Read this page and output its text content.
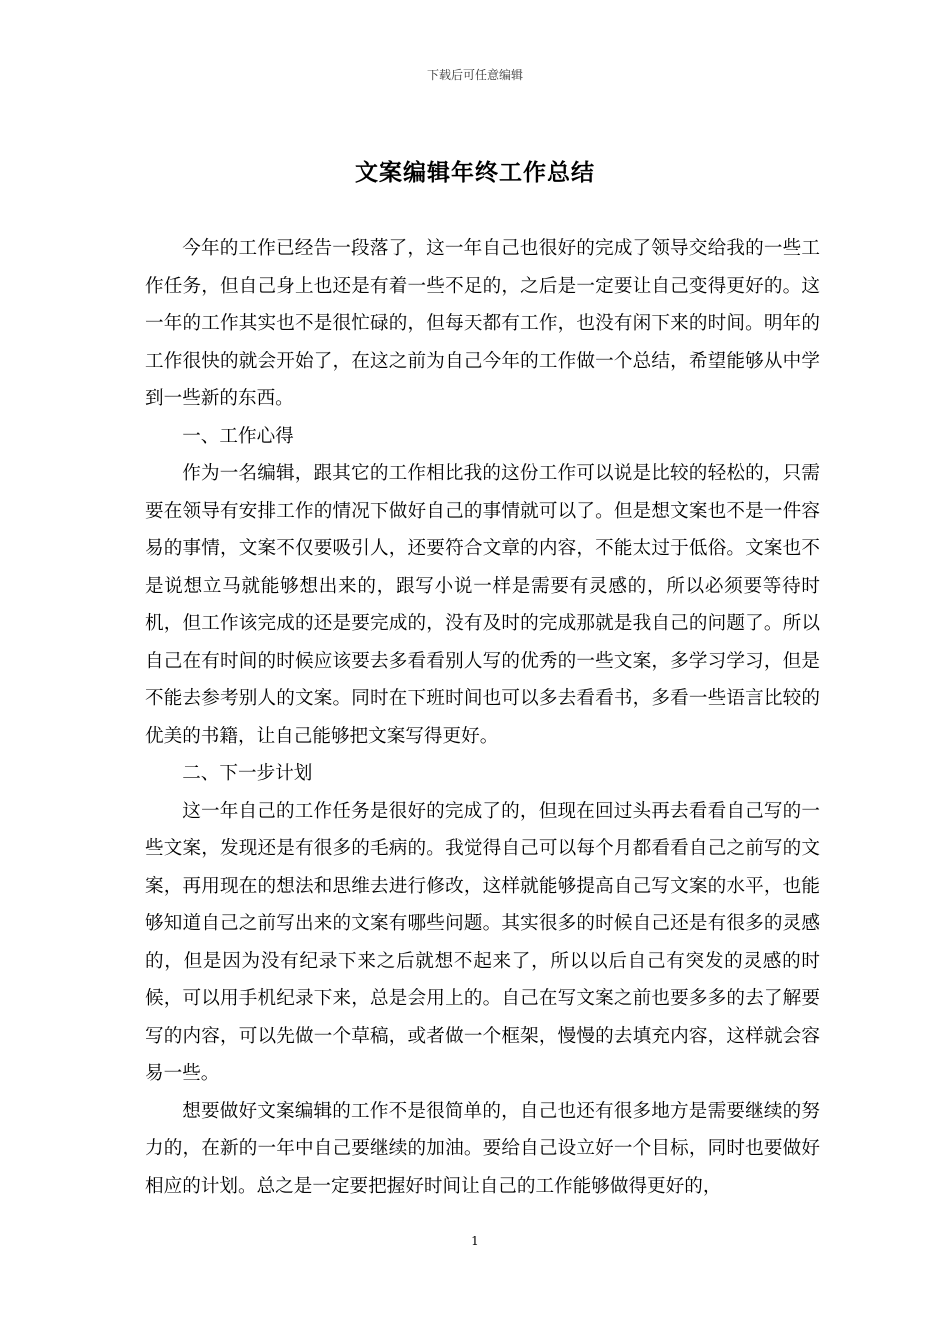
下载后可任意编辑
文案编辑年终工作总结

今年的工作已经告一段落了，这一年自己也很好的完成了领导交给我的一些工作任务，但自己身上也还是有着一些不足的，之后是一定要让自己变得更好的。这一年的工作其实也不是很忙碌的，但每天都有工作，也没有闲下来的时间。明年的工作很快的就会开始了，在这之前为自己今年的工作做一个总结，希望能够从中学到一些新的东西。

一、工作心得

作为一名编辑，跟其它的工作相比我的这份工作可以说是比较的轻松的，只需要在领导有安排工作的情况下做好自己的事情就可以了。但是想文案也不是一件容易的事情，文案不仅要吸引人，还要符合文章的内容，不能太过于低俗。文案也不是说想立马就能够想出来的，跟写小说一样是需要有灵感的，所以必须要等待时机，但工作该完成的还是要完成的，没有及时的完成那就是我自己的问题了。所以自己在有时间的时候应该要去多看看别人写的优秀的一些文案，多学习学习，但是不能去参考别人的文案。同时在下班时间也可以多去看看书，多看一些语言比较的优美的书籍，让自己能够把文案写得更好。

二、下一步计划

这一年自己的工作任务是很好的完成了的，但现在回过头再去看看自己写的一些文案，发现还是有很多的毛病的。我觉得自己可以每个月都看看自己之前写的文案，再用现在的想法和思维去进行修改，这样就能够提高自己写文案的水平，也能够知道自己之前写出来的文案有哪些问题。其实很多的时候自己还是有很多的灵感的，但是因为没有纪录下来之后就想不起来了，所以以后自己有突发的灵感的时候，可以用手机纪录下来，总是会用上的。自己在写文案之前也要多多的去了解要写的内容，可以先做一个草稿，或者做一个框架，慢慢的去填充内容，这样就会容易一些。

想要做好文案编辑的工作不是很简单的，自己也还有很多地方是需要继续的努力的，在新的一年中自己要继续的加油。要给自己设立好一个目标，同时也要做好相应的计划。总之是一定要把握好时间让自己的工作能够做得更好的，

1
